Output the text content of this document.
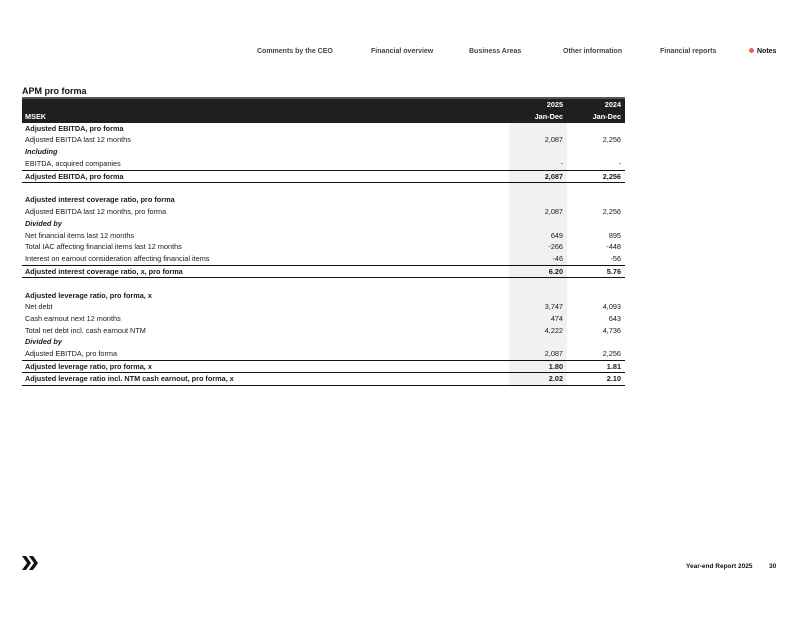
Comments by the CEO	Financial overview	Business Areas	Other information	Financial reports	Notes
APM pro forma
	2025	2024
MSEK	Jan-Dec	Jan-Dec
Adjusted EBITDA, pro forma		
Adjusted EBITDA last 12 months	2,087	2,256
Including		
EBITDA, acquired companies	-	-
Adjusted EBITDA, pro forma	2,087	2,256

Adjusted interest coverage ratio, pro forma		
Adjusted EBITDA last 12 months, pro forma	2,087	2,256
Divided by		
Net financial items last 12 months	649	895
Total IAC affecting financial items last 12 months	-266	-448
Interest on earnout consideration affecting financial items	-46	-56
Adjusted interest coverage ratio, x, pro forma	6.20	5.76

Adjusted leverage ratio, pro forma, x		
Net debt	3,747	4,093
Cash earnout next 12 months	474	643
Total net debt incl. cash earnout NTM	4,222	4,736
Divided by		
Adjusted EBITDA, pro forma	2,087	2,256
Adjusted leverage ratio, pro forma, x	1.80	1.81
Adjusted leverage ratio incl. NTM cash earnout, pro forma, x	2.02	2.10
Year-end Report 2025	30
